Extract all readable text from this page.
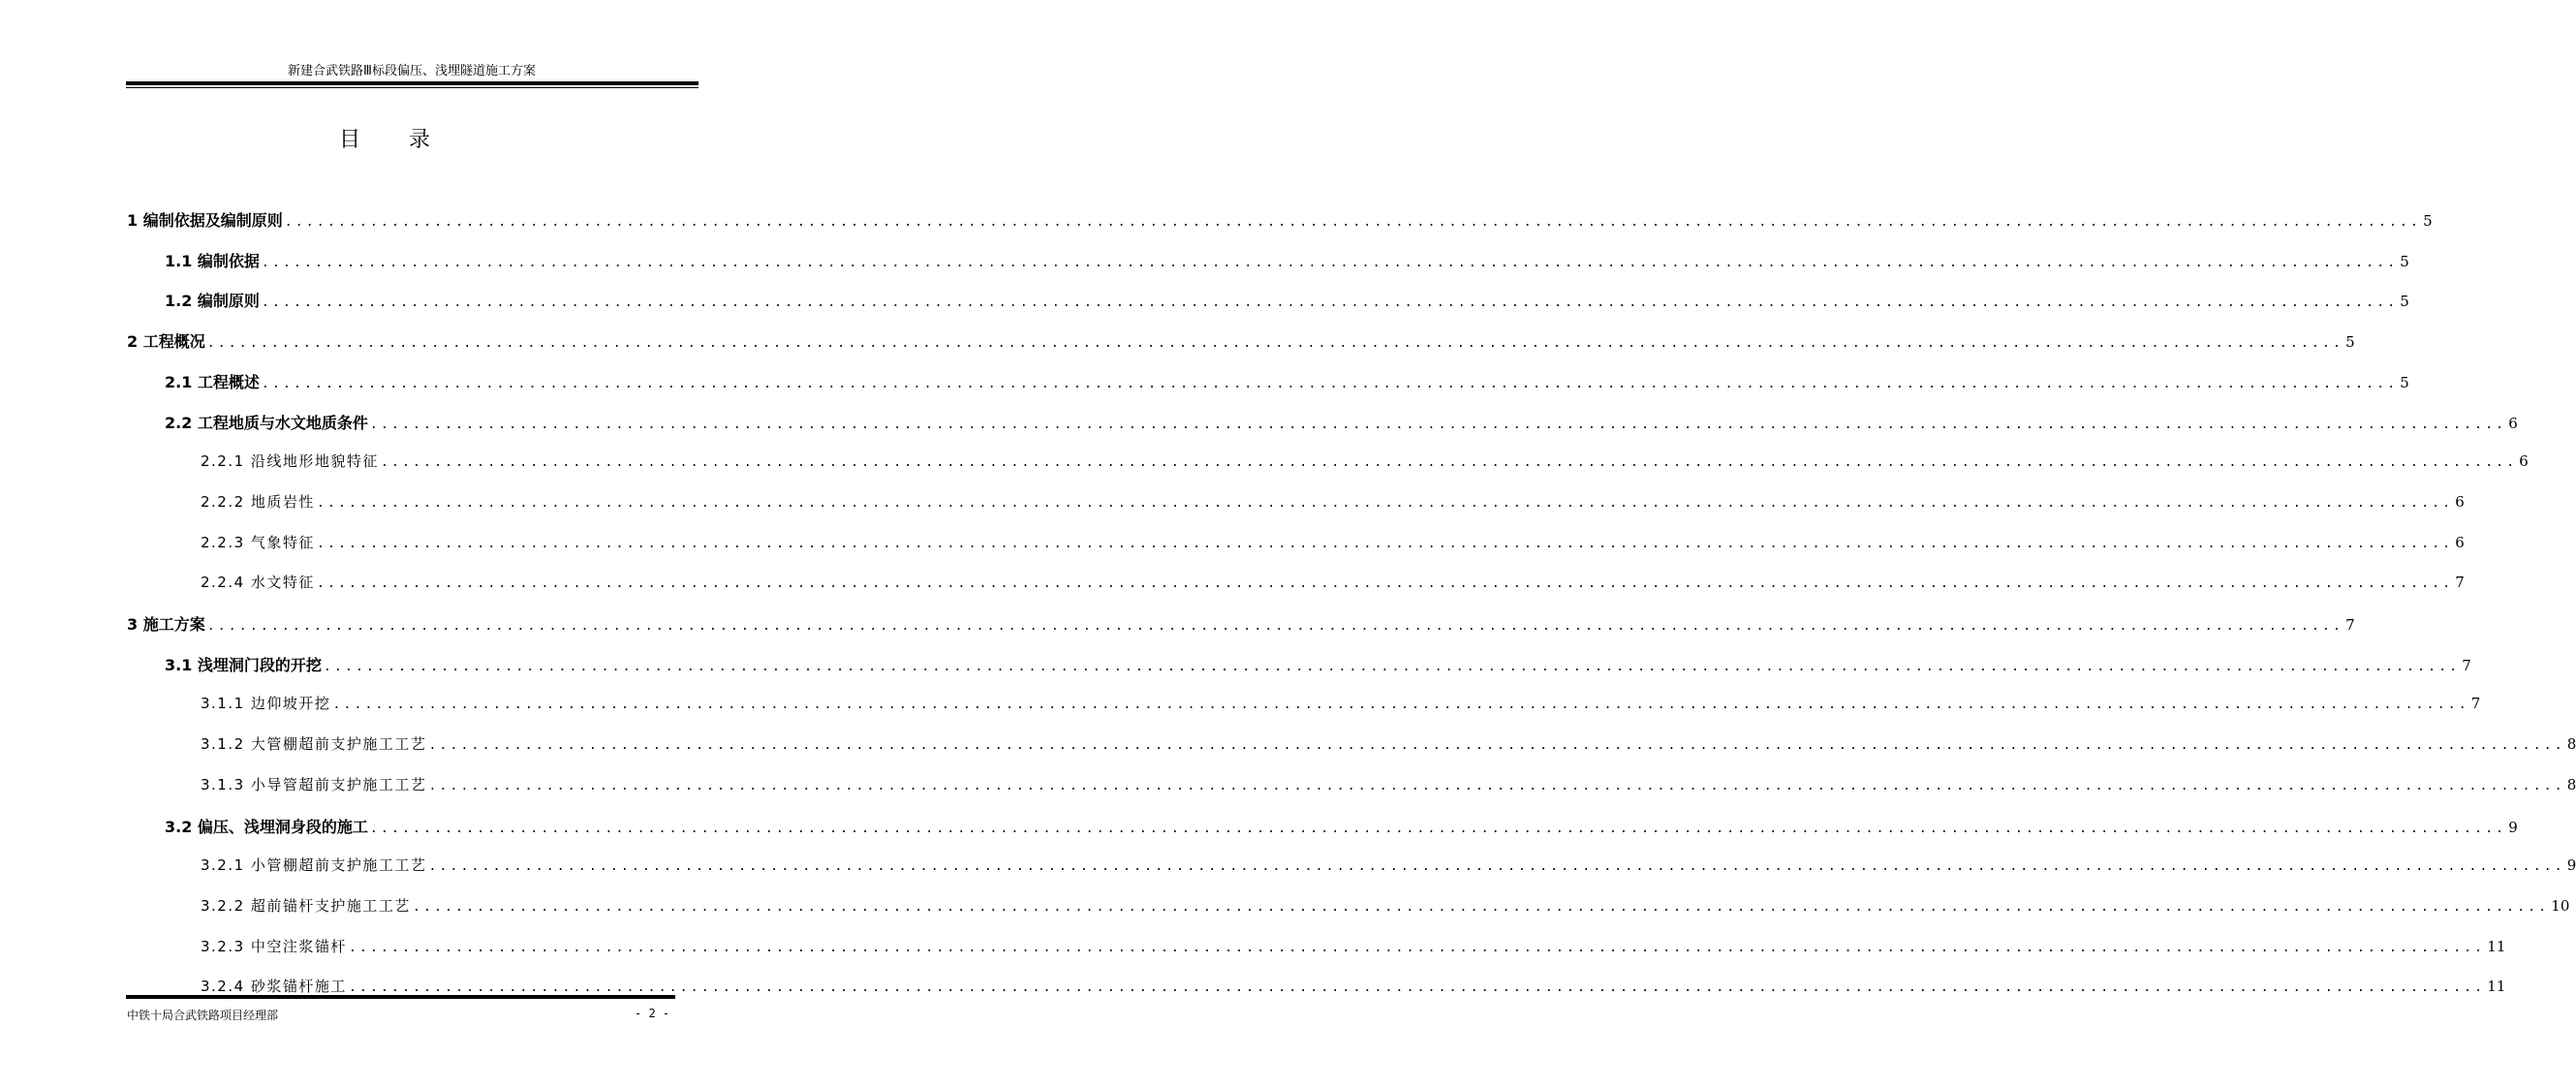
新建合武铁路Ⅲ标段偏压、浅埋隧道施工方案
目录
1 编制依据及编制原则 ........................................................................................................................................................................................................ 5
1.1 编制依据 ........................................................................................................................................................................................................ 5
1.2 编制原则 ........................................................................................................................................................................................................ 5
2 工程概况 ........................................................................................................................................................................................................ 5
2.1 工程概述 ........................................................................................................................................................................................................ 5
2.2 工程地质与水文地质条件 ........................................................................................................................................................................................................ 6
2.2.1 沿线地形地貌特征 ........................................................................................................................................................................................................ 6
2.2.2 地质岩性 ........................................................................................................................................................................................................ 6
2.2.3 气象特征 ........................................................................................................................................................................................................ 6
2.2.4 水文特征 ........................................................................................................................................................................................................ 7
3 施工方案 ........................................................................................................................................................................................................ 7
3.1 浅埋洞门段的开挖 ........................................................................................................................................................................................................ 7
3.1.1 边仰坡开挖 ........................................................................................................................................................................................................ 7
3.1.2 大管棚超前支护施工工艺 ........................................................................................................................................................................................................ 8
3.1.3 小导管超前支护施工工艺 ........................................................................................................................................................................................................ 8
3.2 偏压、浅埋洞身段的施工 ........................................................................................................................................................................................................ 9
3.2.1 小管棚超前支护施工工艺 ........................................................................................................................................................................................................ 9
3.2.2 超前锚杆支护施工工艺 ........................................................................................................................................................................................................ 10
3.2.3 中空注浆锚杆 ........................................................................................................................................................................................................ 11
3.2.4 砂浆锚杆施工 ........................................................................................................................................................................................................ 11
中铁十局合武铁路项目经理部	- 2 -
